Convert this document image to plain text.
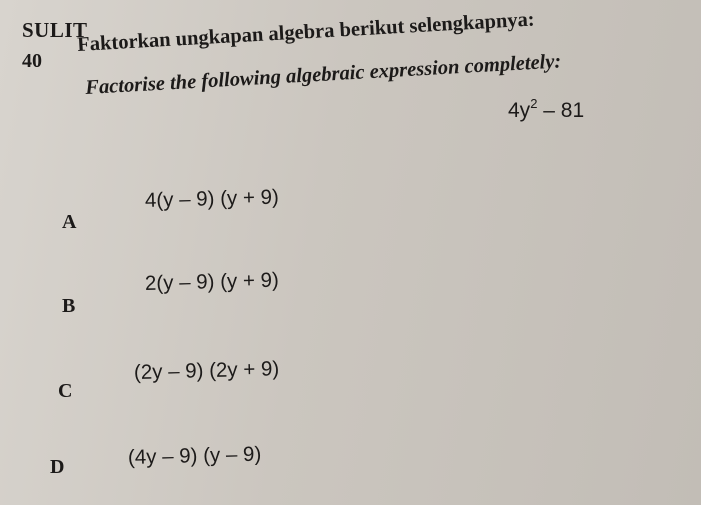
SULIT
40
Faktorkan ungkapan algebra berikut selengkapnya:
Factorise the following algebraic expression completely:
$4y^2 - 81$
A
4(y – 9) (y + 9)
B
2(y – 9) (y + 9)
C
(2y – 9) (2y + 9)
D	(4y – 9) (y – 9)
